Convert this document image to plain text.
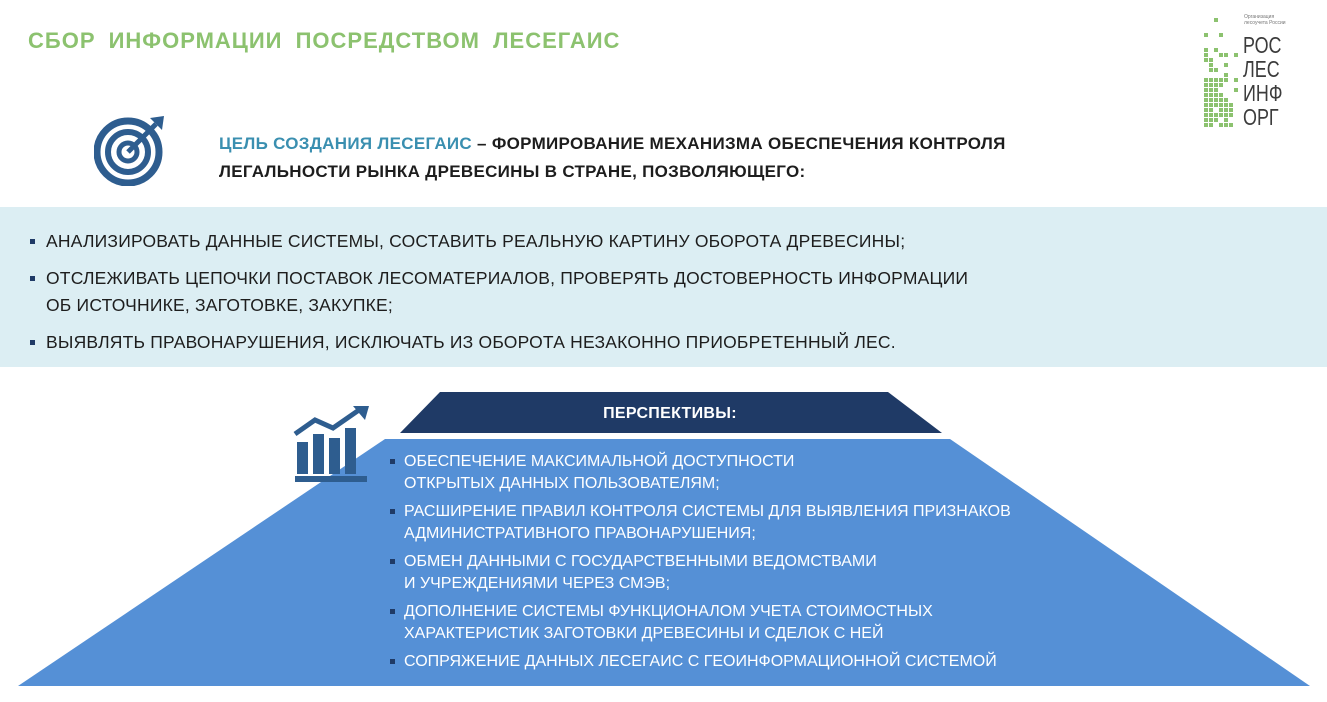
СБОР ИНФОРМАЦИИ ПОСРЕДСТВОМ ЛЕСЕГАИС
Организация
лесоучета России
РОС
ЛЕС
ИНФ
ОРГ
ЦЕЛЬ СОЗДАНИЯ ЛЕСЕГАИС – ФОРМИРОВАНИЕ МЕХАНИЗМА ОБЕСПЕЧЕНИЯ КОНТРОЛЯ ЛЕГАЛЬНОСТИ РЫНКА ДРЕВЕСИНЫ В СТРАНЕ, ПОЗВОЛЯЮЩЕГО:
АНАЛИЗИРОВАТЬ ДАННЫЕ СИСТЕМЫ, СОСТАВИТЬ РЕАЛЬНУЮ КАРТИНУ ОБОРОТА ДРЕВЕСИНЫ;
ОТСЛЕЖИВАТЬ ЦЕПОЧКИ ПОСТАВОК ЛЕСОМАТЕРИАЛОВ, ПРОВЕРЯТЬ ДОСТОВЕРНОСТЬ ИНФОРМАЦИИ
ОБ ИСТОЧНИКЕ, ЗАГОТОВКЕ, ЗАКУПКЕ;
ВЫЯВЛЯТЬ ПРАВОНАРУШЕНИЯ, ИСКЛЮЧАТЬ ИЗ ОБОРОТА НЕЗАКОННО ПРИОБРЕТЕННЫЙ ЛЕС.
ПЕРСПЕКТИВЫ:
ОБЕСПЕЧЕНИЕ МАКСИМАЛЬНОЙ ДОСТУПНОСТИ
ОТКРЫТЫХ ДАННЫХ ПОЛЬЗОВАТЕЛЯМ;
РАСШИРЕНИЕ ПРАВИЛ КОНТРОЛЯ СИСТЕМЫ ДЛЯ ВЫЯВЛЕНИЯ ПРИЗНАКОВ
АДМИНИСТРАТИВНОГО ПРАВОНАРУШЕНИЯ;
ОБМЕН ДАННЫМИ С ГОСУДАРСТВЕННЫМИ ВЕДОМСТВАМИ
И УЧРЕЖДЕНИЯМИ ЧЕРЕЗ СМЭВ;
ДОПОЛНЕНИЕ СИСТЕМЫ ФУНКЦИОНАЛОМ УЧЕТА СТОИМОСТНЫХ
ХАРАКТЕРИСТИК ЗАГОТОВКИ ДРЕВЕСИНЫ И СДЕЛОК С НЕЙ
СОПРЯЖЕНИЕ ДАННЫХ ЛЕСЕГАИС С ГЕОИНФОРМАЦИОННОЙ СИСТЕМОЙ
